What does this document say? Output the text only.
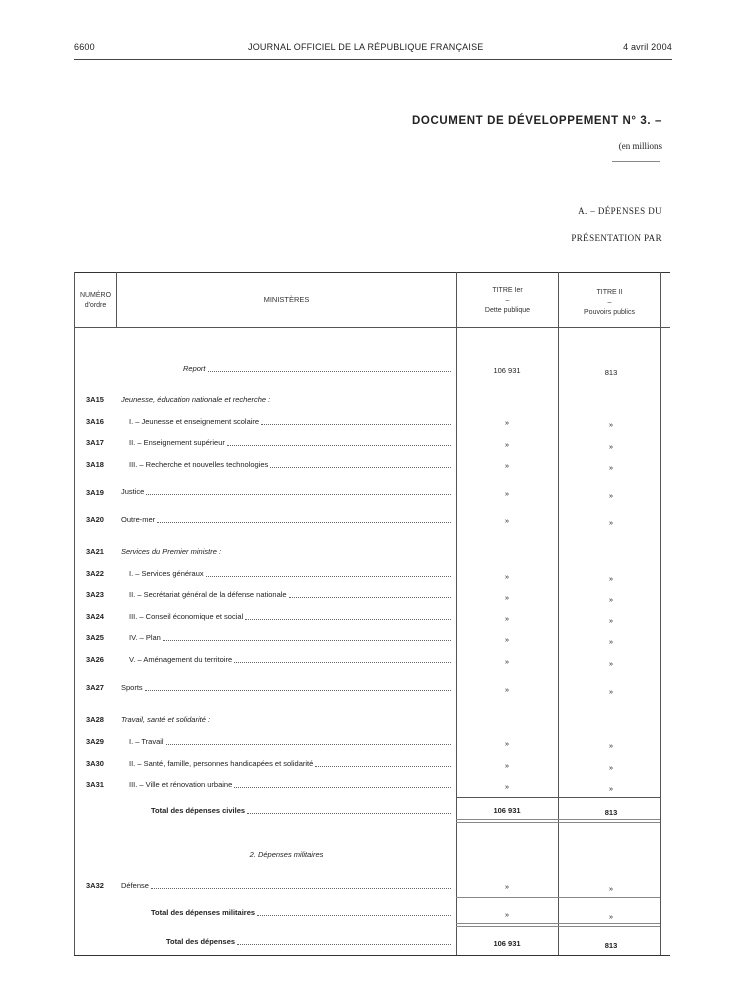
6600	JOURNAL OFFICIEL DE LA RÉPUBLIQUE FRANÇAISE	4 avril 2004
DOCUMENT DE DÉVELOPPEMENT N° 3. –
(en millions
A. – DÉPENSES DU
PRÉSENTATION PAR
NUMÉRO
d'ordre
MINISTÈRES
TITRE Ier
–
Dette publique
TITRE II
–
Pouvoirs publics
Report	106 931	813
3A15 Jeunesse, éducation nationale et recherche :
3A16	I. – Jeunesse et enseignement scolaire	»	»
3A17	II. – Enseignement supérieur	»	»
3A18	III. – Recherche et nouvelles technologies	»	»
3A19 Justice	»	»
3A20 Outre-mer	»	»
3A21 Services du Premier ministre :
3A22	I. – Services généraux	»	»
3A23	II. – Secrétariat général de la défense nationale	»	»
3A24	III. – Conseil économique et social	»	»
3A25	IV. – Plan	»	»
3A26	V. – Aménagement du territoire	»	»
3A27 Sports	»	»
3A28 Travail, santé et solidarité :
3A29	I. – Travail	»	»
3A30	II. – Santé, famille, personnes handicapées et solidarité	»	»
3A31	III. – Ville et rénovation urbaine	»	»
Total des dépenses civiles	106 931	813
2. Dépenses militaires
3A32 Défense	»	»
Total des dépenses militaires	»	»
Total des dépenses	106 931	813
